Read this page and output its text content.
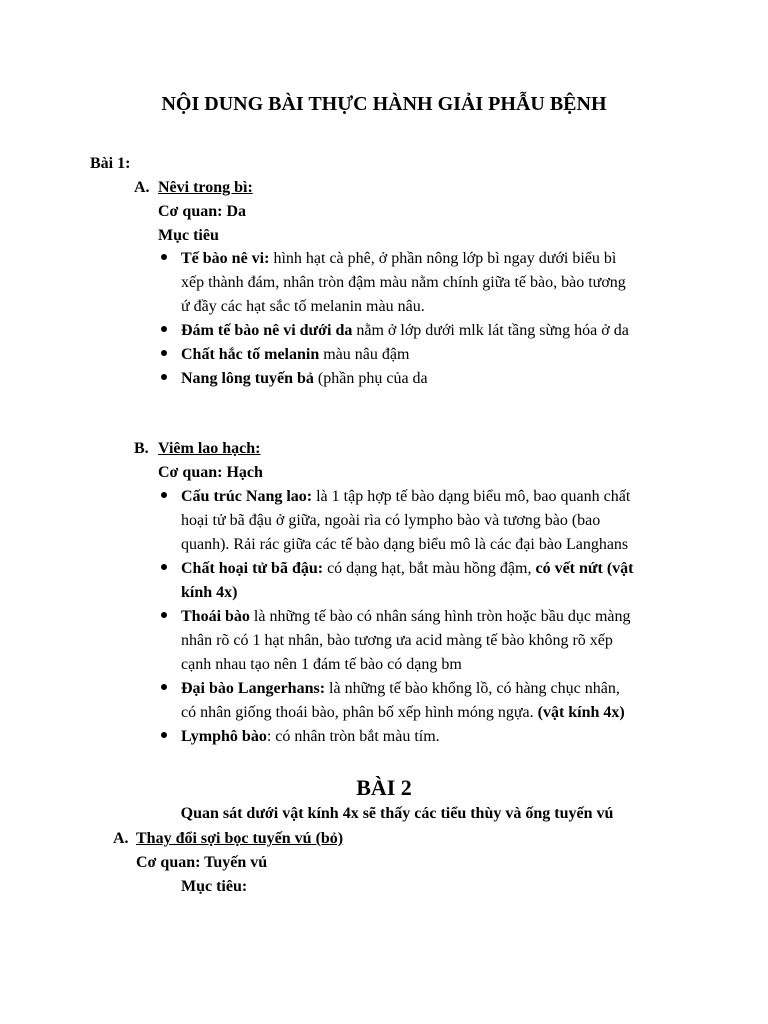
NỘI DUNG BÀI THỰC HÀNH GIẢI PHẪU BỆNH
Bài 1:
A. Nêvi trong bì:
Cơ quan: Da
Mục tiêu
Tế bào nê vi: hình hạt cà phê, ở phần nông lớp bì ngay dưới biểu bì
xếp thành đám, nhân tròn đậm màu nằm chính giữa tế bào, bào tương
ứ đầy các hạt sắc tố melanin màu nâu.
Đám tế bào nê vi dưới da nằm ở lớp dưới mlk lát tầng sừng hóa ở da
Chất hắc tố melanin màu nâu đậm
Nang lông tuyến bả (phần phụ của da
B. Viêm lao hạch:
Cơ quan: Hạch
Cấu trúc Nang lao: là 1 tập hợp tế bào dạng biểu mô, bao quanh chất
hoại tử bã đậu ở giữa, ngoài rìa có lympho bào và tương bào (bao
quanh). Rải rác giữa các tế bào dạng biểu mô là các đại bào Langhans
Chất hoại tử bã đậu: có dạng hạt, bắt màu hồng đậm, có vết nứt (vật
kính 4x)
Thoái bào là những tế bào có nhân sáng hình tròn hoặc bầu dục màng
nhân rõ có 1 hạt nhân, bào tương ưa acid màng tế bào không rõ xếp
cạnh nhau tạo nên 1 đám tế bào có dạng bm
Đại bào Langerhans: là những tế bào khổng lồ, có hàng chục nhân,
có nhân giống thoái bào, phân bố xếp hình móng ngựa. (vật kính 4x)
Lymphô bào: có nhân tròn bắt màu tím.
BÀI 2
Quan sát dưới vật kính 4x sẽ thấy các tiểu thùy và ống tuyến vú
A. Thay đổi sợi bọc tuyến vú (bỏ)
Cơ quan: Tuyến vú
Mục tiêu:
